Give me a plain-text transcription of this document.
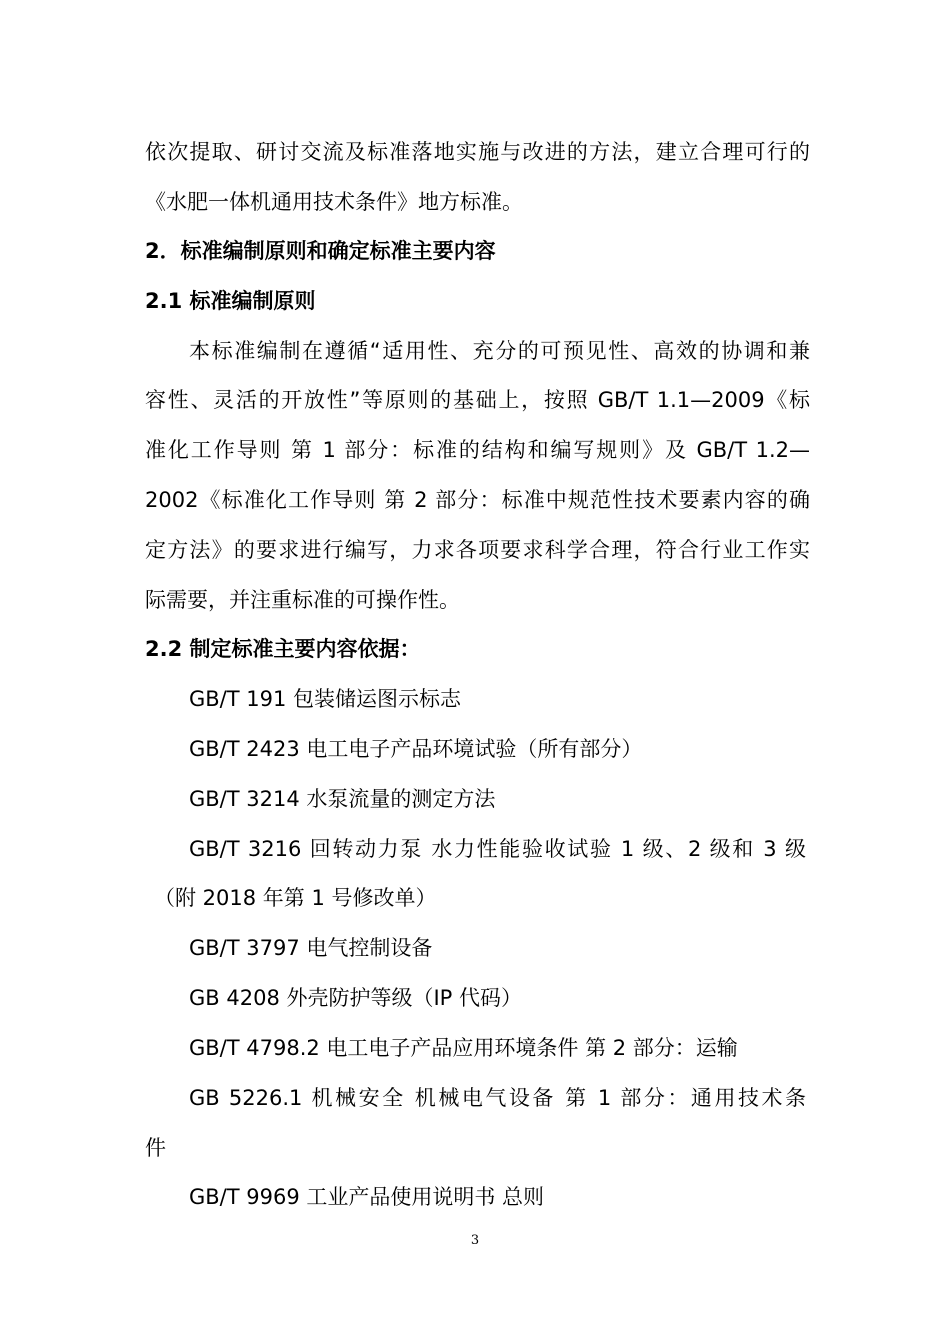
依次提取、研讨交流及标准落地实施与改进的方法，建立合理可行的
《水肥一体机通用技术条件》地方标准。
2．标准编制原则和确定标准主要内容
2.1 标准编制原则
本标准编制在遵循“适用性、充分的可预见性、高效的协调和兼
容性、灵活的开放性”等原则的基础上，按照 GB/T 1.1—2009《标
准化工作导则 第 1 部分：标准的结构和编写规则》及 GB/T 1.2—
2002《标准化工作导则 第 2 部分：标准中规范性技术要素内容的确
定方法》的要求进行编写，力求各项要求科学合理，符合行业工作实
际需要，并注重标准的可操作性。
2.2 制定标准主要内容依据：
GB/T 191 包装储运图示标志
GB/T 2423 电工电子产品环境试验（所有部分）
GB/T 3214 水泵流量的测定方法
GB/T 3216 回转动力泵 水力性能验收试验 1 级、2 级和 3 级
（附 2018 年第 1 号修改单）
GB/T 3797 电气控制设备
GB 4208 外壳防护等级（IP 代码）
GB/T 4798.2 电工电子产品应用环境条件 第 2 部分：运输
GB 5226.1 机械安全 机械电气设备 第 1 部分：通用技术条
件
GB/T 9969 工业产品使用说明书 总则
3
